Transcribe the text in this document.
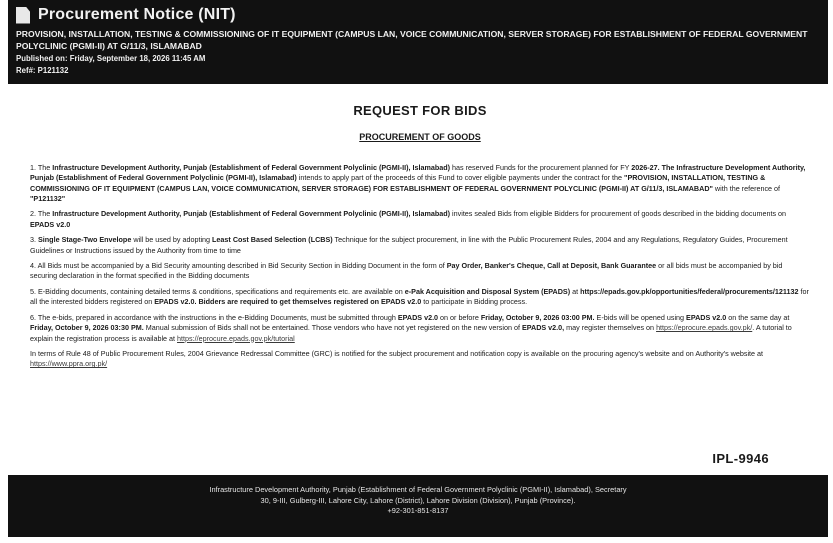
Procurement Notice (NIT)
PROVISION, INSTALLATION, TESTING & COMMISSIONING OF IT EQUIPMENT (CAMPUS LAN, VOICE COMMUNICATION, SERVER STORAGE) FOR ESTABLISHMENT OF FEDERAL GOVERNMENT POLYCLINIC (PGMI-II) AT G/11/3, ISLAMABAD
Published on: Friday, September 18, 2026 11:45 AM
Ref#: P121132
REQUEST FOR BIDS
PROCUREMENT OF GOODS

1. The Infrastructure Development Authority, Punjab (Establishment of Federal Government Polyclinic (PGMI-II), Islamabad) has reserved Funds for the procurement planned for FY 2026-27. The Infrastructure Development Authority, Punjab (Establishment of Federal Government Polyclinic (PGMI-II), Islamabad) intends to apply part of the proceeds of this Fund to cover eligible payments under the contract for the "PROVISION, INSTALLATION, TESTING & COMMISSIONING OF IT EQUIPMENT (CAMPUS LAN, VOICE COMMUNICATION, SERVER STORAGE) FOR ESTABLISHMENT OF FEDERAL GOVERNMENT POLYCLINIC (PGMI-II) AT G/11/3, ISLAMABAD" with the reference of "P121132"

2. The Infrastructure Development Authority, Punjab (Establishment of Federal Government Polyclinic (PGMI-II), Islamabad) invites sealed Bids from eligible Bidders for procurement of goods described in the bidding documents on EPADS v2.0

3. Single Stage-Two Envelope will be used by adopting Least Cost Based Selection (LCBS) Technique for the subject procurement, in line with the Public Procurement Rules, 2004 and any Regulations, Regulatory Guides, Procurement Guidelines or Instructions issued by the Authority from time to time

4. All Bids must be accompanied by a Bid Security amounting described in Bid Security Section in Bidding Document in the form of Pay Order, Banker's Cheque, Call at Deposit, Bank Guarantee or all bids must be accompanied by bid securing declaration in the format specified in the Bidding documents

5. E-Bidding documents, containing detailed terms & conditions, specifications and requirements etc. are available on e-Pak Acquisition and Disposal System (EPADS) at https://epads.gov.pk/opportunities/federal/procurements/121132 for all the interested bidders registered on EPADS v2.0. Bidders are required to get themselves registered on EPADS v2.0 to participate in Bidding process.

6. The e-bids, prepared in accordance with the instructions in the e-Bidding Documents, must be submitted through EPADS v2.0 on or before Friday, October 9, 2026 03:00 PM. E-bids will be opened using EPADS v2.0 on the same day at Friday, October 9, 2026 03:30 PM. Manual submission of Bids shall not be entertained. Those vendors who have not yet registered on the new version of EPADS v2.0, may register themselves on https://eprocure.epads.gov.pk/. A tutorial to explain the registration process is available at https://eprocure.epads.gov.pk/tutorial

In terms of Rule 48 of Public Procurement Rules, 2004 Grievance Redressal Committee (GRC) is notified for the subject procurement and notification copy is available on the procuring agency's website and on Authority's website at https://www.ppra.org.pk/

IPL-9946
Infrastructure Development Authority, Punjab (Establishment of Federal Government Polyclinic (PGMI-II), Islamabad), Secretary
30, 9-III, Gulberg-III, Lahore City, Lahore (District), Lahore Division (Division), Punjab (Province).
+92-301-851-8137
